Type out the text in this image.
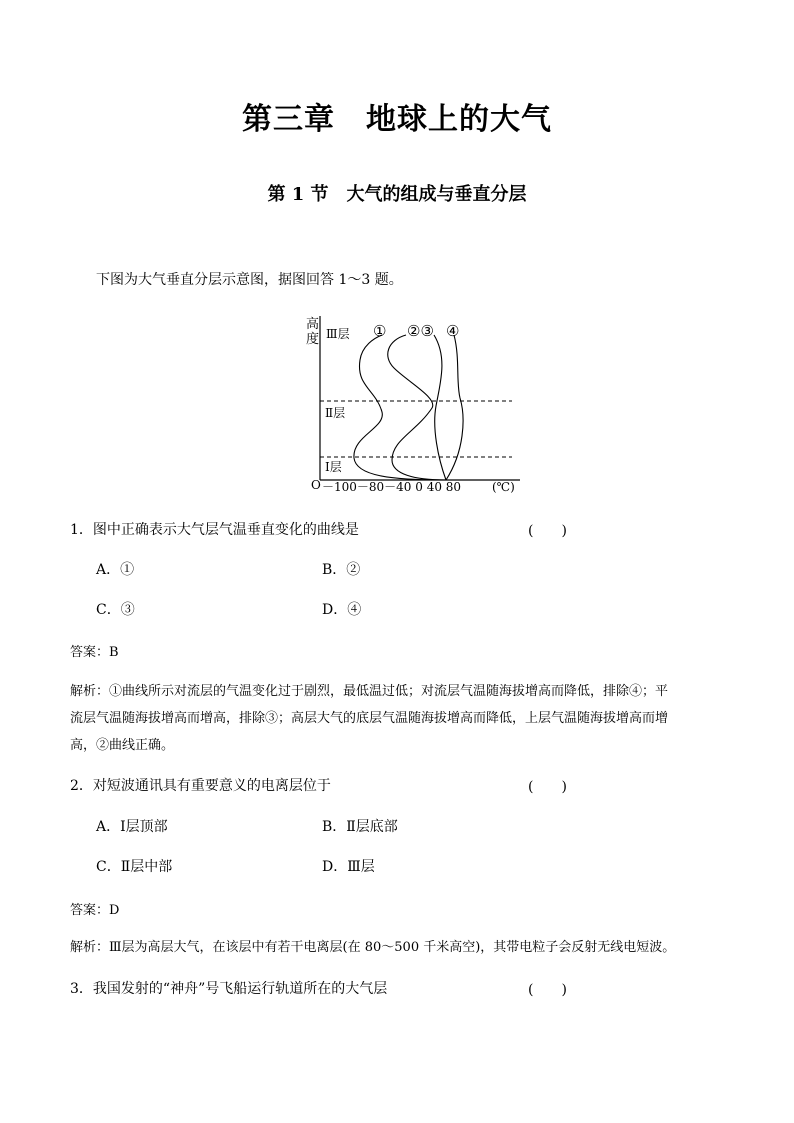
第三章　地球上的大气
第 1 节　大气的组成与垂直分层
下图为大气垂直分层示意图，据图回答 1～3 题。
高
度
O
Ⅲ层
Ⅱ层
Ⅰ层
① ②③ ④
－100－80－40 0 40 80	(℃)
1．图中正确表示大气层气温垂直变化的曲线是	(　　)
A．①	B．②
C．③	D．④
答案：B
解析：①曲线所示对流层的气温变化过于剧烈，最低温过低；对流层气温随海拔增高而降低，排除④；平
流层气温随海拔增高而增高，排除③；高层大气的底层气温随海拔增高而降低，上层气温随海拔增高而增
高，②曲线正确。
2．对短波通讯具有重要意义的电离层位于	(　　)
A．Ⅰ层顶部	B．Ⅱ层底部
C．Ⅱ层中部	D．Ⅲ层
答案：D
解析：Ⅲ层为高层大气，在该层中有若干电离层(在 80～500 千米高空)，其带电粒子会反射无线电短波。
3．我国发射的“神舟”号飞船运行轨道所在的大气层	(　　)
